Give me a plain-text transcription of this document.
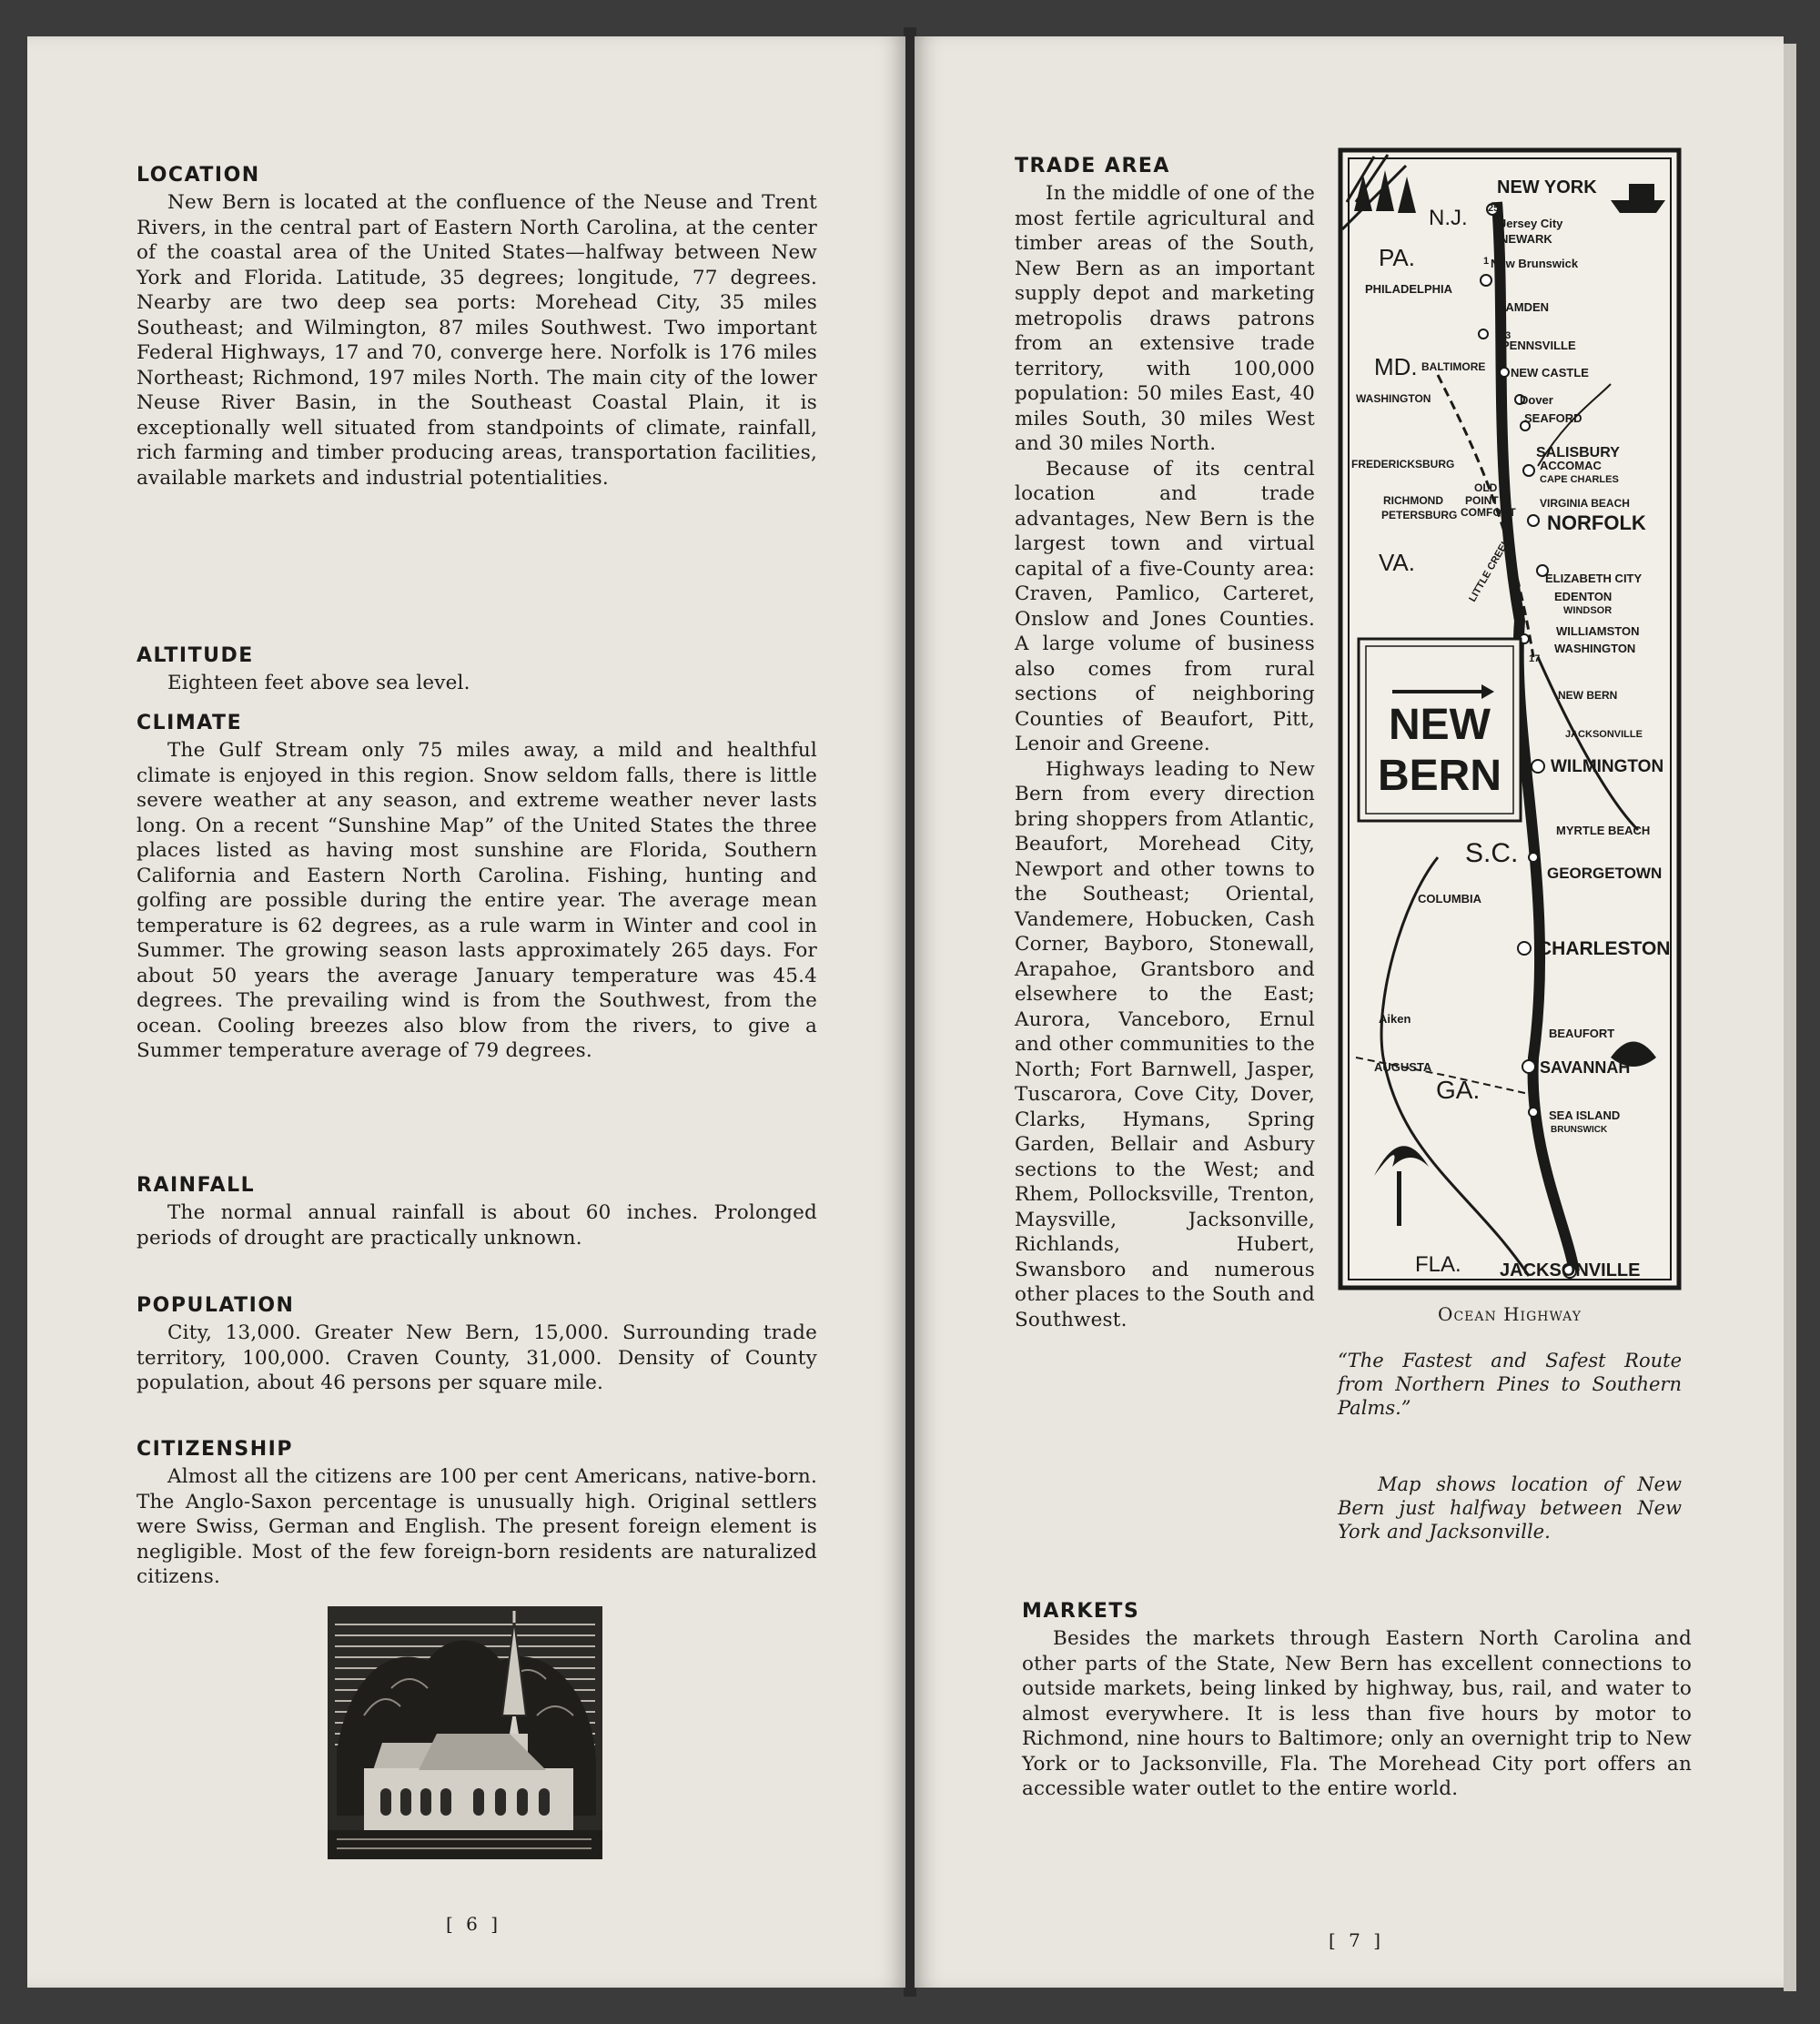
LOCATION

New Bern is located at the confluence of the Neuse and Trent Rivers, in the central part of Eastern North Carolina, at the center of the coastal area of the United States—halfway between New York and Florida. Latitude, 35 degrees; longitude, 77 degrees. Nearby are two deep sea ports: Morehead City, 35 miles Southeast; and Wilmington, 87 miles Southwest. Two important Federal Highways, 17 and 70, converge here. Norfolk is 176 miles Northeast; Richmond, 197 miles North. The main city of the lower Neuse River Basin, in the Southeast Coastal Plain, it is exceptionally well situated from standpoints of climate, rainfall, rich farming and timber producing areas, transportation facilities, available markets and industrial potentialities.

ALTITUDE

Eighteen feet above sea level.

CLIMATE

The Gulf Stream only 75 miles away, a mild and healthful climate is enjoyed in this region. Snow seldom falls, there is little severe weather at any season, and extreme weather never lasts long. On a recent “Sunshine Map” of the United States the three places listed as having most sunshine are Florida, Southern California and Eastern North Carolina. Fishing, hunting and golfing are possible during the entire year. The average mean temperature is 62 degrees, as a rule warm in Winter and cool in Summer. The growing season lasts approximately 265 days. For about 50 years the average January temperature was 45.4 degrees. The prevailing wind is from the Southwest, from the ocean. Cooling breezes also blow from the rivers, to give a Summer temperature average of 79 degrees.

RAINFALL

The normal annual rainfall is about 60 inches. Prolonged periods of drought are practically unknown.

POPULATION

City, 13,000. Greater New Bern, 15,000. Surrounding trade territory, 100,000. Craven County, 31,000. Density of County population, about 46 persons per square mile.

CITIZENSHIP

Almost all the citizens are 100 per cent Americans, native-born. The Anglo-Saxon percentage is unusually high. Original settlers were Swiss, German and English. The present foreign element is negligible. Most of the few foreign-born residents are naturalized citizens.

[ 6 ]
TRADE AREA

In the middle of one of the most fertile agricultural and timber areas of the South, New Bern as an important supply depot and marketing metropolis draws patrons from an extensive trade territory, with 100,000 population: 50 miles East, 40 miles South, 30 miles West and 30 miles North.

Because of its central location and trade advantages, New Bern is the largest town and virtual capital of a five-County area: Craven, Pamlico, Carteret, Onslow and Jones Counties. A large volume of business also comes from rural sections of neighboring Counties of Beaufort, Pitt, Lenoir and Greene.

Highways leading to New Bern from every direction bring shoppers from Atlantic, Beaufort, Morehead City, Newport and other towns to the Southeast; Oriental, Vandemere, Hobucken, Cash Corner, Bayboro, Stonewall, Arapahoe, Grantsboro and elsewhere to the East; Aurora, Vanceboro, Ernul and other communities to the North; Fort Barnwell, Jasper, Tuscarora, Cove City, Dover, Clarks, Hymans, Spring Garden, Bellair and Asbury sections to the West; and Rhem, Pollocksville, Trenton, Maysville, Jacksonville, Richlands, Hubert, Swansboro and numerous other places to the South and Southwest.

NEW YORK
PA.
N.J.
MD.
VA.
S.C.
GA.
FLA.
Jersey City
NEWARK
New Brunswick
PHILADELPHIA
CAMDEN
PENNSVILLE
BALTIMORE NEW CASTLE
WASHINGTON	Dover
SEAFORD
FREDERICKSBURG
SALISBURY
ACCOMAC
CAPE CHARLES
RICHMOND
PETERSBURG
OLD
POINT
COMFORT
VIRGINIA BEACH
NORFOLK
LITTLE CREEK	ELIZABETH CITY
EDENTON
WINDSOR
WILLIAMSTON
WASHINGTON
NEW BERN
JACKSONVILLE
WILMINGTON
MYRTLE BEACH
COLUMBIA
GEORGETOWN
CHARLESTON
Aiken
BEAUFORT
AUGUSTA	SAVANNAH
SEA ISLAND
BRUNSWICK
JACKSONVILLE
1
25
13
17
NEW
BERN
Ocean Highway
“The Fastest and Safest Route from Northern Pines to Southern Palms.”
Map shows location of New Bern just halfway between New York and Jacksonville.
MARKETS

Besides the markets through Eastern North Carolina and other parts of the State, New Bern has excellent connections to outside markets, being linked by highway, bus, rail, and water to almost everywhere. It is less than five hours by motor to Richmond, nine hours to Baltimore; only an overnight trip to New York or to Jacksonville, Fla. The Morehead City port offers an accessible water outlet to the entire world.

[ 7 ]
